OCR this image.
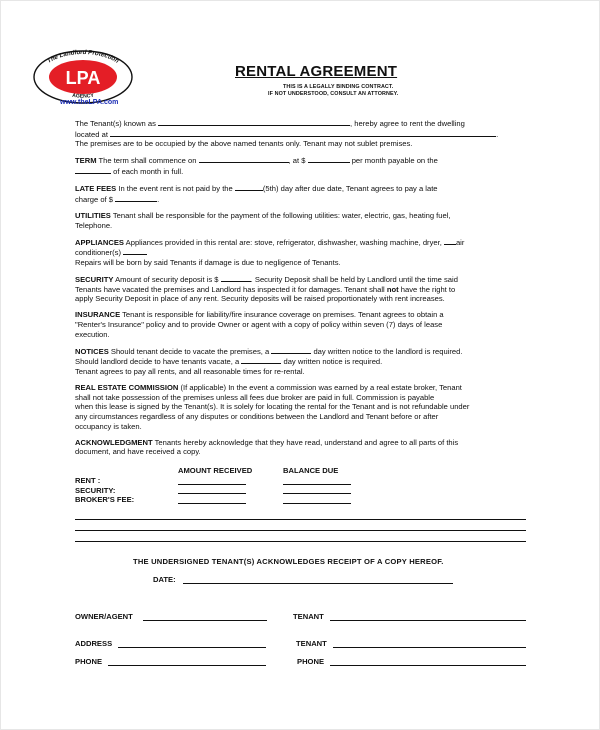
The Landlord Protection
LPA
AGENCY
www.theLPA.com
RENTAL AGREEMENT
THIS IS A LEGALLY BINDING CONTRACT.
IF NOT UNDERSTOOD, CONSULT AN ATTORNEY.

The Tenant(s) known as	, hereby agree to rent the dwelling
located at	.
The premises are to be occupied by the above named tenants only. Tenant may not sublet premises.

TERM The term shall commence on	, at $	per month payable on the
of each month in full.

LATE FEES In the event rent is not paid by the	(5th) day after due date, Tenant agrees to pay a late
charge of $	.

UTILITIES Tenant shall be responsible for the payment of the following utilities: water, electric, gas, heating fuel,
Telephone.

APPLIANCES Appliances provided in this rental are: stove, refrigerator, dishwasher, washing machine, dryer, air
conditioner(s)
Repairs will be born by said Tenants if damage is due to negligence of Tenants.

SECURITY Amount of security deposit is $	. Security Deposit shall be held by Landlord until the time said
Tenants have vacated the premises and Landlord has inspected it for damages. Tenant shall not have the right to
apply Security Deposit in place of any rent. Security deposits will be raised proportionately with rent increases.

INSURANCE Tenant is responsible for liability/fire insurance coverage on premises. Tenant agrees to obtain a
"Renter's Insurance" policy and to provide Owner or agent with a copy of policy within seven (7) days of lease
execution.

NOTICES Should tenant decide to vacate the premises, a	day written notice to the landlord is required.
Should landlord decide to have tenants vacate, a	day written notice is required.
Tenant agrees to pay all rents, and all reasonable times for re-rental.

REAL ESTATE COMMISSION (If applicable) In the event a commission was earned by a real estate broker, Tenant
shall not take possession of the premises unless all fees due broker are paid in full. Commission is payable
when this lease is signed by the Tenant(s). It is solely for locating the rental for the Tenant and is not refundable under
any circumstances regardless of any disputes or conditions between the Landlord and Tenant before or after
occupancy is taken.

ACKNOWLEDGMENT Tenants hereby acknowledge that they have read, understand and agree to all parts of this
document, and have received a copy.

AMOUNT RECEIVED	BALANCE DUE
RENT :
SECURITY:
BROKER'S FEE:
THE UNDERSIGNED TENANT(S) ACKNOWLEDGES RECEIPT OF A COPY HEREOF.
DATE:
OWNER/AGENT	TENANT
ADDRESS	TENANT
PHONE	PHONE
